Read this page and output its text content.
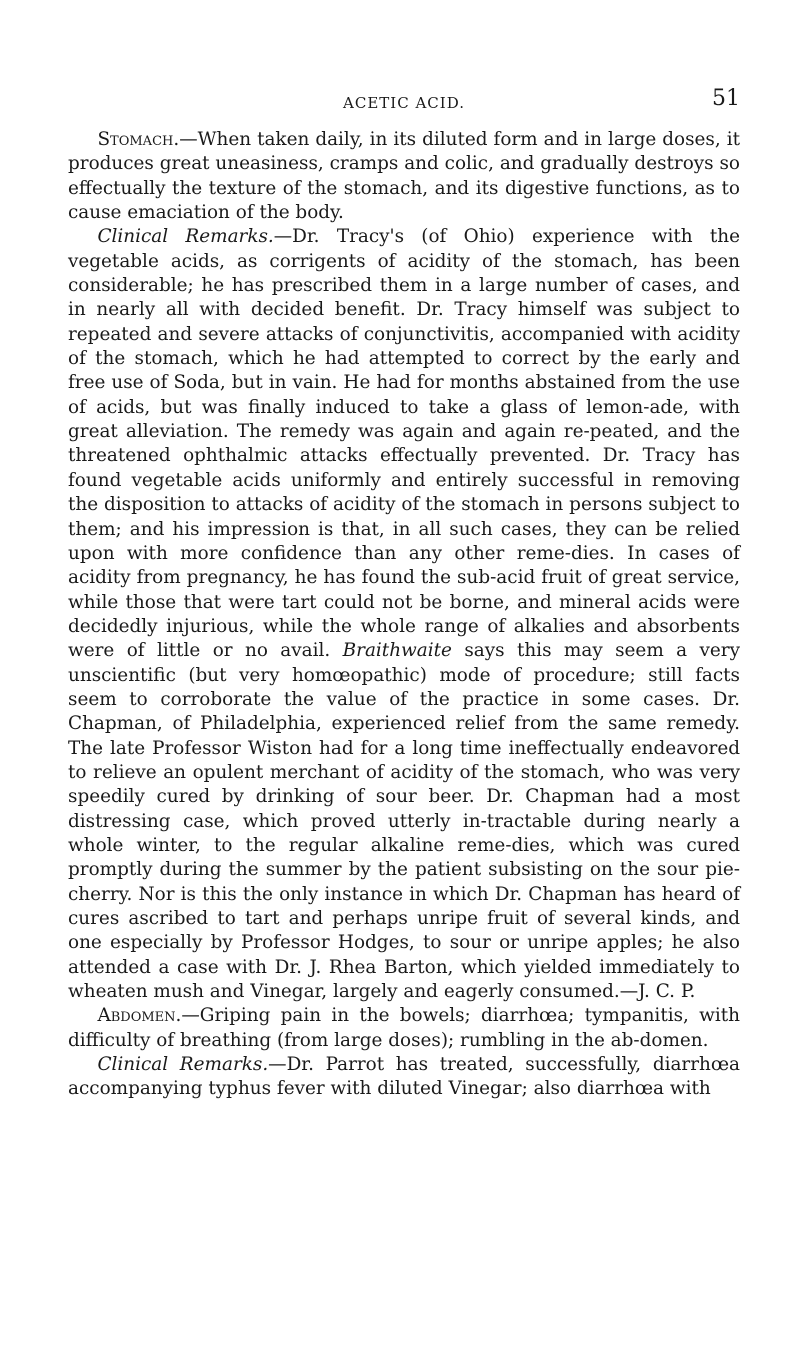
ACETIC ACID.	51

Stomach.—When taken daily, in its diluted form and in large doses, it produces great uneasiness, cramps and colic, and gradually destroys so effectually the texture of the stomach, and its digestive functions, as to cause emaciation of the body.

Clinical Remarks.—Dr. Tracy's (of Ohio) experience with the vegetable acids, as corrigents of acidity of the stomach, has been considerable; he has prescribed them in a large number of cases, and in nearly all with decided benefit. Dr. Tracy himself was subject to repeated and severe attacks of conjunctivitis, accompanied with acidity of the stomach, which he had attempted to correct by the early and free use of Soda, but in vain. He had for months abstained from the use of acids, but was finally induced to take a glass of lemon-ade, with great alleviation. The remedy was again and again re-peated, and the threatened ophthalmic attacks effectually prevented. Dr. Tracy has found vegetable acids uniformly and entirely successful in removing the disposition to attacks of acidity of the stomach in persons subject to them; and his impression is that, in all such cases, they can be relied upon with more confidence than any other reme-dies. In cases of acidity from pregnancy, he has found the sub-acid fruit of great service, while those that were tart could not be borne, and mineral acids were decidedly injurious, while the whole range of alkalies and absorbents were of little or no avail. Braithwaite says this may seem a very unscientific (but very homœopathic) mode of procedure; still facts seem to corroborate the value of the practice in some cases. Dr. Chapman, of Philadelphia, experienced relief from the same remedy. The late Professor Wiston had for a long time ineffectually endeavored to relieve an opulent merchant of acidity of the stomach, who was very speedily cured by drinking of sour beer. Dr. Chapman had a most distressing case, which proved utterly in-tractable during nearly a whole winter, to the regular alkaline reme-dies, which was cured promptly during the summer by the patient subsisting on the sour pie-cherry. Nor is this the only instance in which Dr. Chapman has heard of cures ascribed to tart and perhaps unripe fruit of several kinds, and one especially by Professor Hodges, to sour or unripe apples; he also attended a case with Dr. J. Rhea Barton, which yielded immediately to wheaten mush and Vinegar, largely and eagerly consumed.—J. C. P.

Abdomen.—Griping pain in the bowels; diarrhœa; tympanitis, with difficulty of breathing (from large doses); rumbling in the ab-domen.

Clinical Remarks.—Dr. Parrot has treated, successfully, diarrhœa accompanying typhus fever with diluted Vinegar; also diarrhœa with
